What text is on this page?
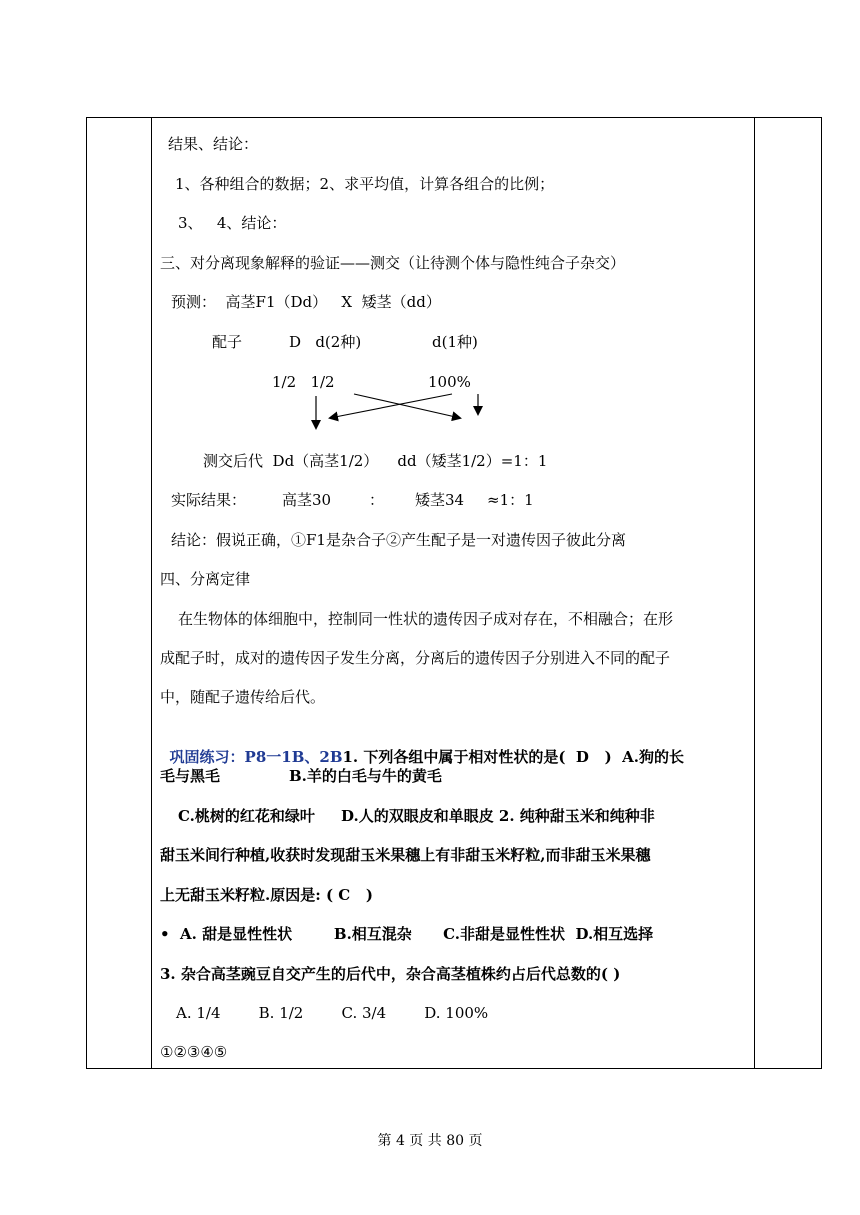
结果、结论：
1、各种组合的数据；2、求平均值，计算各组合的比例；
3、   4、结论：
三、对分离现象解释的验证——测交（让待测个体与隐性纯合子杂交）
预测：  高茎F1（Dd）   X  矮茎（dd）
配子	D   d(2种)	d(1种)
1/2   1/2	100%
测交后代  Dd（高茎1/2）    dd（矮茎1/2）=1：1
实际结果： 高茎30	： 矮茎34 ≈1：1
结论：假说正确，①F1是杂合子②产生配子是一对遗传因子彼此分离
四、分离定律
在生物体的体细胞中，控制同一性状的遗传因子成对存在，不相融合；在形
成配子时，成对的遗传因子发生分离，分离后的遗传因子分别进入不同的配子
中，随配子遗传给后代。

巩固练习：P8一1B、2B1. 下列各组中属于相对性状的是(  D   )  A.狗的长

毛与黑毛	B.羊的白毛与牛的黄毛
C.桃树的红花和绿叶     D.人的双眼皮和单眼皮 2. 纯种甜玉米和纯种非
甜玉米间行种植,收获时发现甜玉米果穗上有非甜玉米籽粒,而非甜玉米果穗
上无甜玉米籽粒.原因是: ( C   )
•  A. 甜是显性性状        B.相互混杂      C.非甜是显性性状  D.相互选择
3. 杂合高茎豌豆自交产生的后代中，杂合高茎植株约占后代总数的( )
A. 1/4        B. 1/2        C. 3/4        D. 100%
①②③④⑤
第 4 页 共 80 页
